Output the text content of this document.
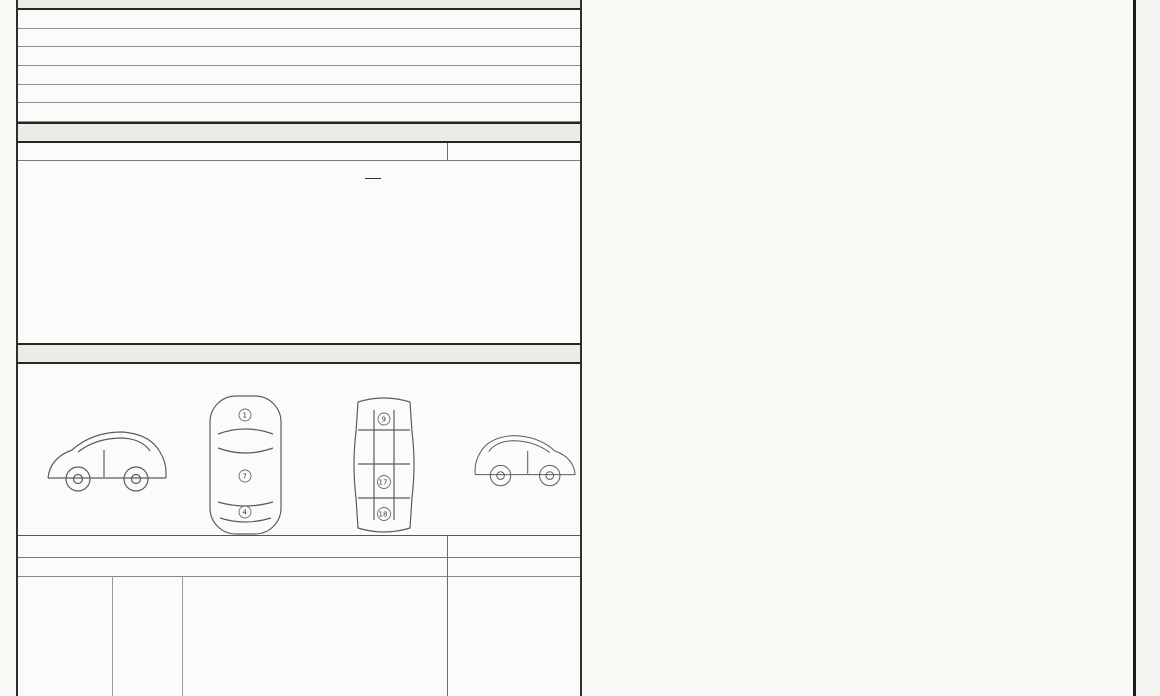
1
7
4
9
17
18
